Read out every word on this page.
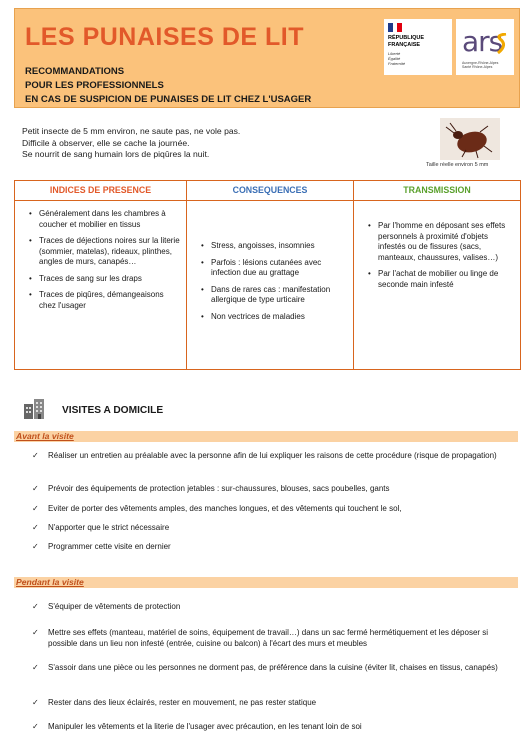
LES PUNAISES DE LIT
RECOMMANDATIONS
POUR LES PROFESSIONNELS
EN CAS DE SUSPICION DE PUNAISES DE LIT CHEZ L'USAGER
RÉPUBLIQUE
FRANÇAISE
Liberté
Égalité
Fraternité
ars
Auvergne-Rhône-Alpes
Santé Rhône-Alpes
Petit insecte de 5 mm environ, ne saute pas, ne vole pas.
Difficile à observer, elle se cache la journée.
Se nourrit de sang humain lors de piqûres la nuit.
Taille réelle environ 5 mm
INDICES DE PRESENCE
• Généralement dans les chambres à coucher et mobilier en tissus
• Traces de déjections noires sur la literie (sommier, matelas), rideaux, plinthes, angles de murs, canapés…
• Traces de sang sur les draps
• Traces de piqûres, démangeaisons chez l'usager
CONSEQUENCES
• Stress, angoisses, insomnies
• Parfois : lésions cutanées avec infection due au grattage
• Dans de rares cas : manifestation allergique de type urticaire
• Non vectrices de maladies
TRANSMISSION
• Par l'homme en déposant ses effets personnels à proximité d'objets infestés ou de fissures (sacs, manteaux, chaussures, valises…)
• Par l'achat de mobilier ou linge de seconde main infesté
VISITES A DOMICILE
Avant la visite
✓ Réaliser un entretien au préalable avec la personne afin de lui expliquer les raisons de cette procédure (risque de propagation)
✓ Prévoir des équipements de protection jetables : sur-chaussures, blouses, sacs poubelles, gants
✓ Eviter de porter des vêtements amples, des manches longues, et des vêtements qui touchent le sol,
✓ N'apporter que le strict nécessaire
✓ Programmer cette visite en dernier
Pendant la visite
✓ S'équiper de vêtements de protection
✓ Mettre ses effets (manteau, matériel de soins, équipement de travail…) dans un sac fermé hermétiquement et les déposer si possible dans un lieu non infesté (entrée, cuisine ou balcon) à l'écart des murs et meubles
✓ S'assoir dans une pièce ou les personnes ne dorment pas, de préférence dans la cuisine (éviter lit, chaises en tissus, canapés)
✓ Rester dans des lieux éclairés, rester en mouvement, ne pas rester statique
✓ Manipuler les vêtements et la literie de l'usager avec précaution, en les tenant loin de soi
